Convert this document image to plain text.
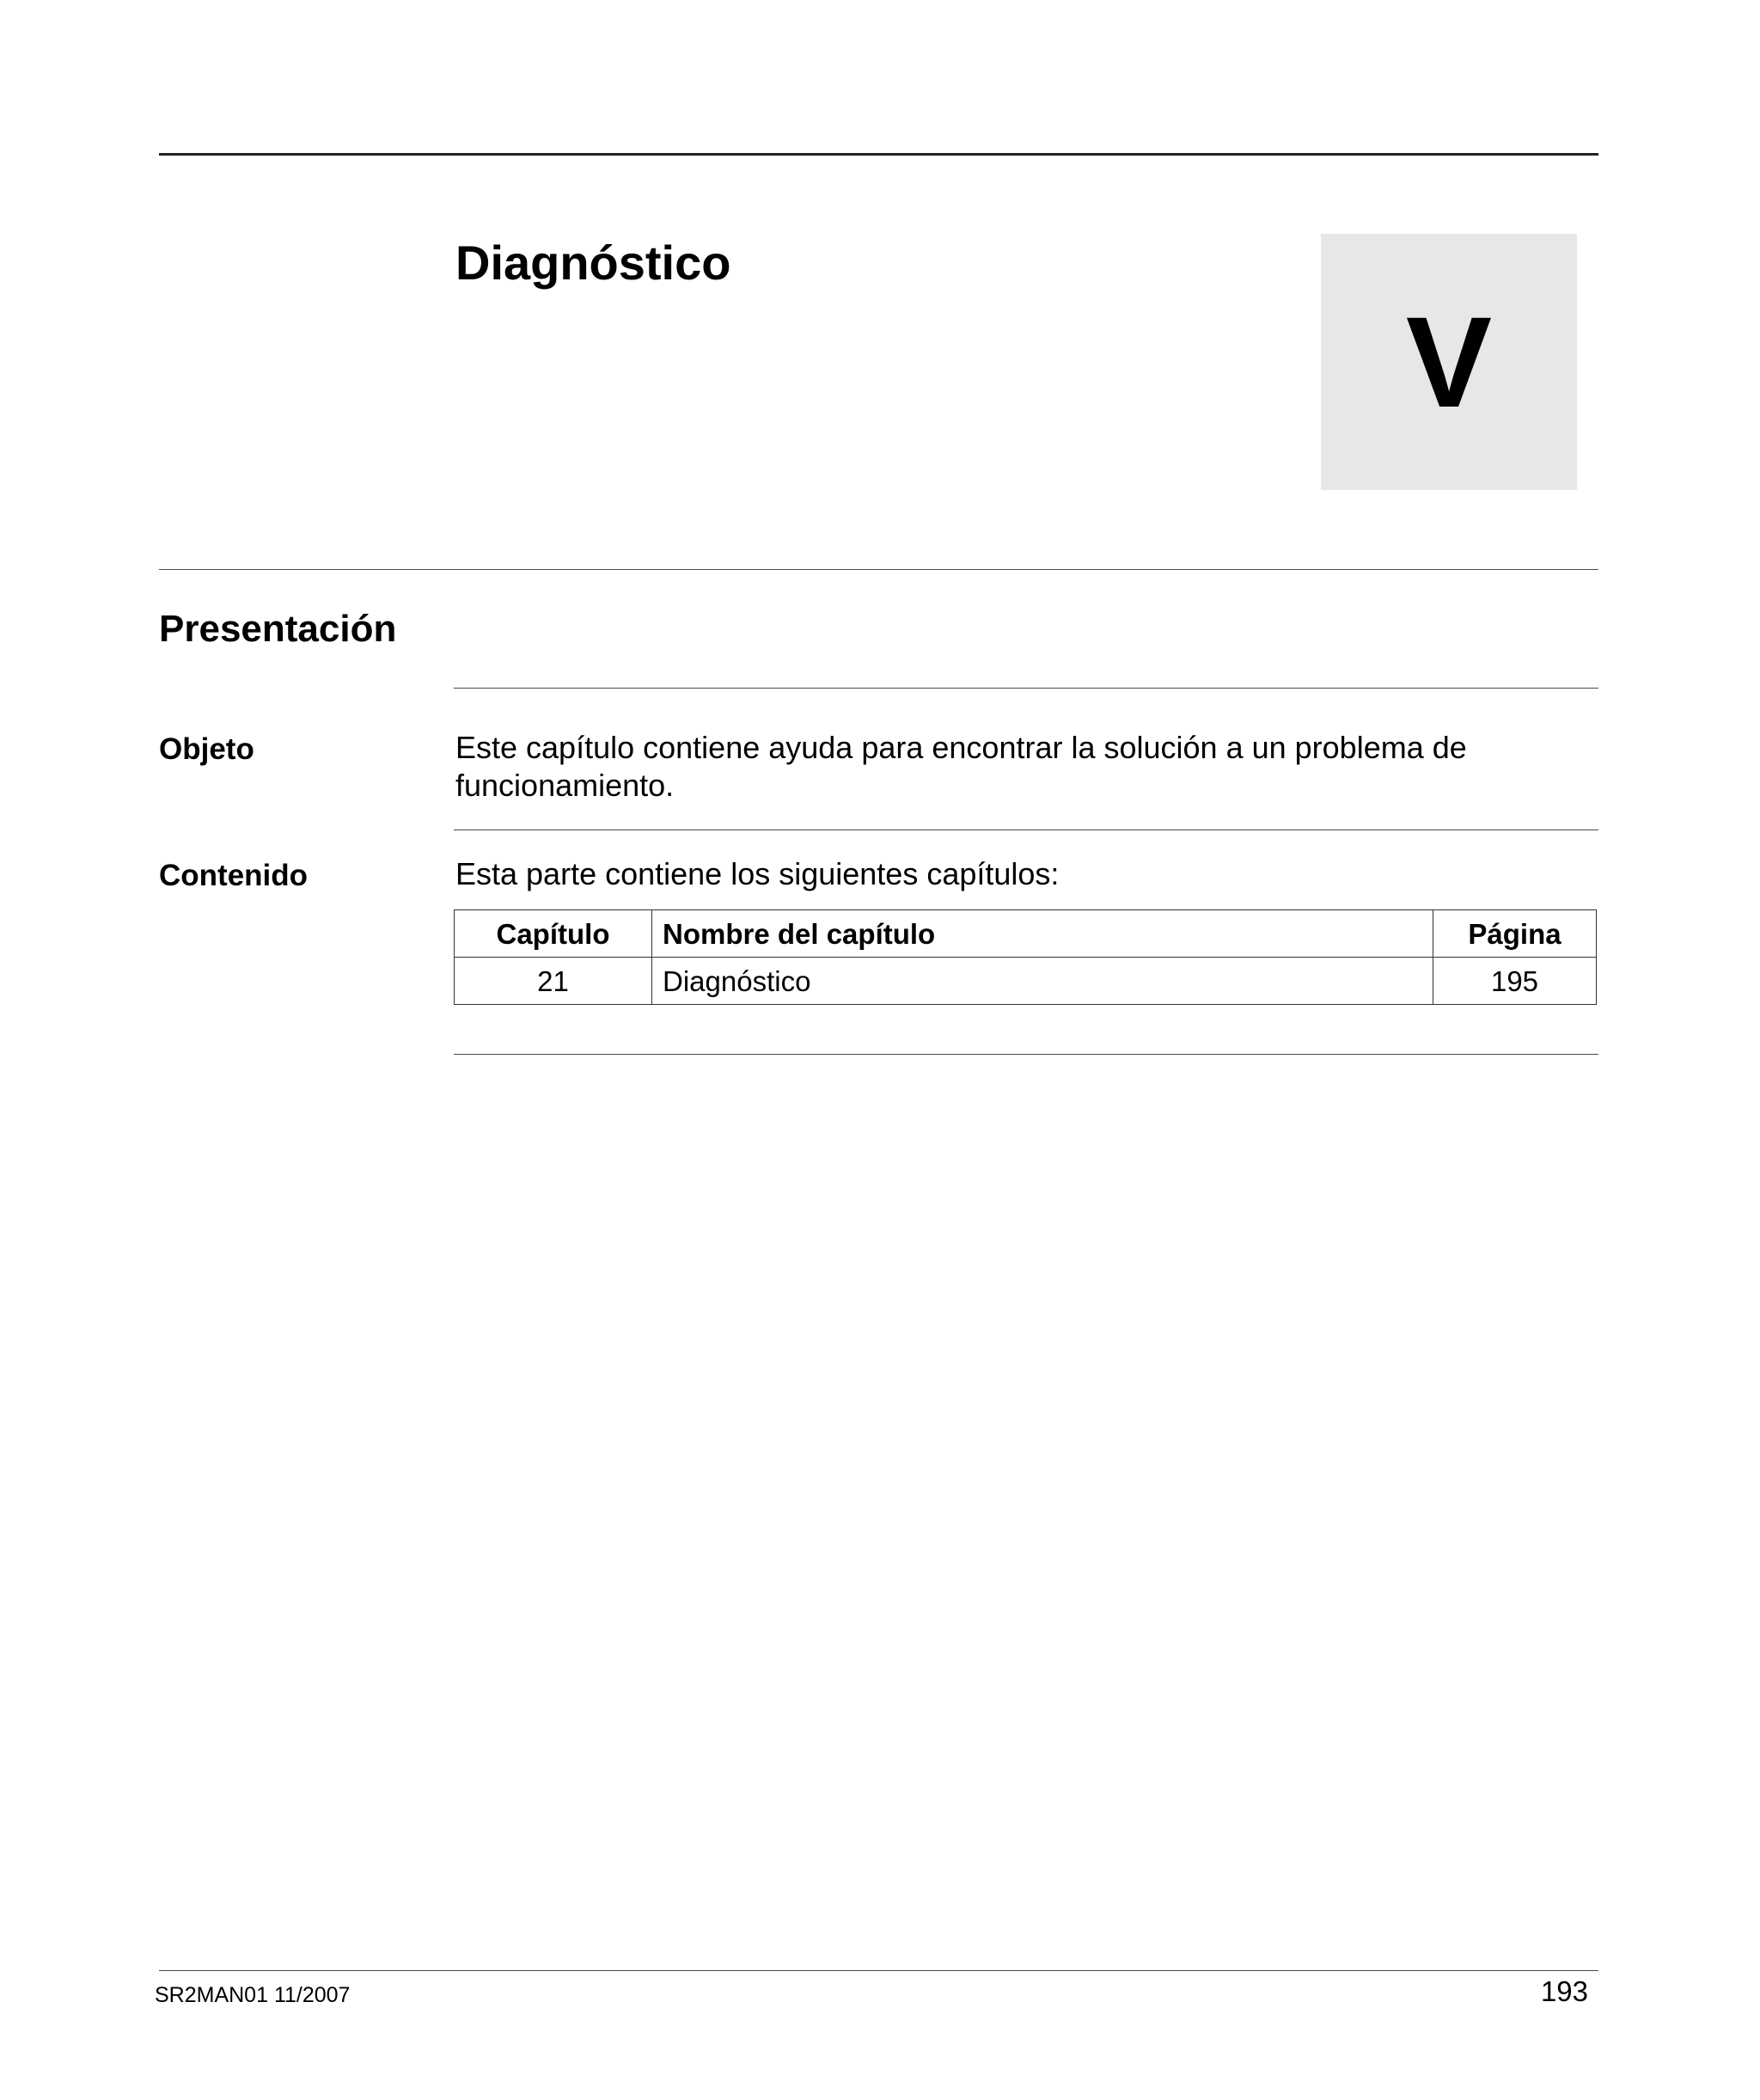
Diagnóstico
V
Presentación
Objeto	Este capítulo contiene ayuda para encontrar la solución a un problema de funcionamiento.
Contenido	Esta parte contiene los siguientes capítulos:
Capítulo	Nombre del capítulo	Página
21	Diagnóstico	195
SR2MAN01 11/2007	193
